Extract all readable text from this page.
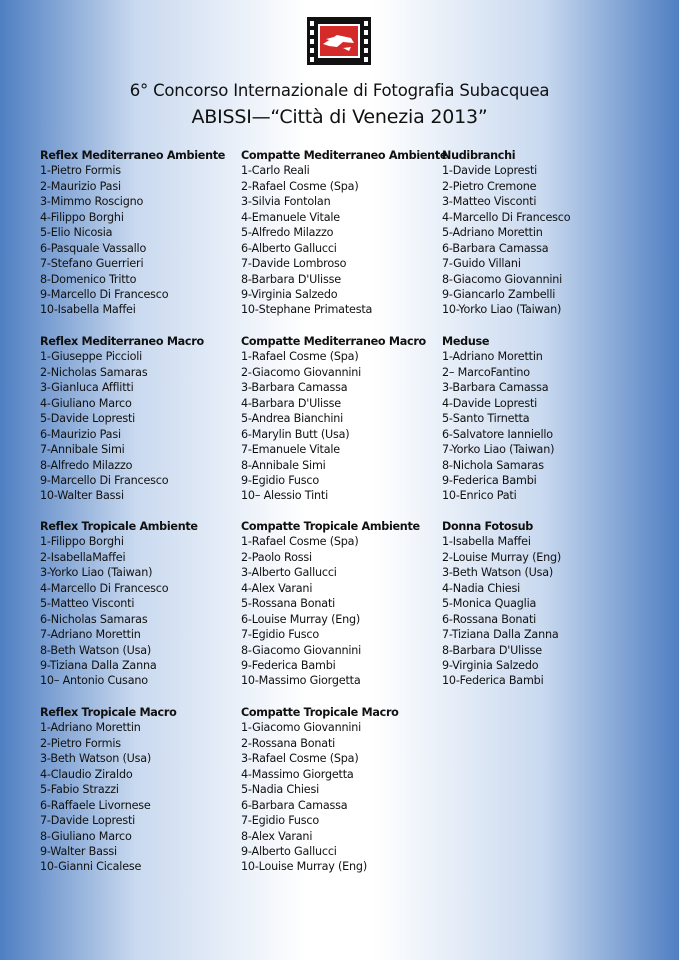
6° Concorso Internazionale di Fotografia Subacquea
ABISSI—“Città di Venezia 2013”
Reflex Mediterraneo Ambiente
1-Pietro Formis
2-Maurizio Pasi
3-Mimmo Roscigno
4-Filippo Borghi
5-Elio Nicosia
6-Pasquale Vassallo
7-Stefano Guerrieri
8-Domenico Tritto
9-Marcello Di Francesco
10-Isabella Maffei
Reflex Mediterraneo Macro
1-Giuseppe Piccioli
2-Nicholas Samaras
3-Gianluca Afflitti
4-Giuliano Marco
5-Davide Lopresti
6-Maurizio Pasi
7-Annibale Simi
8-Alfredo Milazzo
9-Marcello Di Francesco
10-Walter Bassi
Reflex Tropicale Ambiente
1-Filippo Borghi
2-IsabellaMaffei
3-Yorko Liao (Taiwan)
4-Marcello Di Francesco
5-Matteo Visconti
6-Nicholas Samaras
7-Adriano Morettin
8-Beth Watson (Usa)
9-Tiziana Dalla Zanna
10– Antonio Cusano
Reflex Tropicale Macro
1-Adriano Morettin
2-Pietro Formis
3-Beth Watson (Usa)
4-Claudio Ziraldo
5-Fabio Strazzi
6-Raffaele Livornese
7-Davide Lopresti
8-Giuliano Marco
9-Walter Bassi
10-Gianni Cicalese
Compatte Mediterraneo Ambiente
1-Carlo Reali
2-Rafael Cosme (Spa)
3-Silvia Fontolan
4-Emanuele Vitale
5-Alfredo Milazzo
6-Alberto Gallucci
7-Davide Lombroso
8-Barbara D'Ulisse
9-Virginia Salzedo
10-Stephane Primatesta
Compatte Mediterraneo Macro
1-Rafael Cosme (Spa)
2-Giacomo Giovannini
3-Barbara Camassa
4-Barbara D'Ulisse
5-Andrea Bianchini
6-Marylin Butt (Usa)
7-Emanuele Vitale
8-Annibale Simi
9-Egidio Fusco
10– Alessio Tinti
Compatte Tropicale Ambiente
1-Rafael Cosme (Spa)
2-Paolo Rossi
3-Alberto Gallucci
4-Alex Varani
5-Rossana Bonati
6-Louise Murray (Eng)
7-Egidio Fusco
8-Giacomo Giovannini
9-Federica Bambi
10-Massimo Giorgetta
Compatte Tropicale Macro
1-Giacomo Giovannini
2-Rossana Bonati
3-Rafael Cosme (Spa)
4-Massimo Giorgetta
5-Nadia Chiesi
6-Barbara Camassa
7-Egidio Fusco
8-Alex Varani
9-Alberto Gallucci
10-Louise Murray (Eng)
Nudibranchi
1-Davide Lopresti
2-Pietro Cremone
3-Matteo Visconti
4-Marcello Di Francesco
5-Adriano Morettin
6-Barbara Camassa
7-Guido Villani
8-Giacomo Giovannini
9-Giancarlo Zambelli
10-Yorko Liao (Taiwan)
Meduse
1-Adriano Morettin
2– MarcoFantino
3-Barbara Camassa
4-Davide Lopresti
5-Santo Tirnetta
6-Salvatore Ianniello
7-Yorko Liao (Taiwan)
8-Nichola Samaras
9-Federica Bambi
10-Enrico Pati
Donna Fotosub
1-Isabella Maffei
2-Louise Murray (Eng)
3-Beth Watson (Usa)
4-Nadia Chiesi
5-Monica Quaglia
6-Rossana Bonati
7-Tiziana Dalla Zanna
8-Barbara D'Ulisse
9-Virginia Salzedo
10-Federica Bambi
